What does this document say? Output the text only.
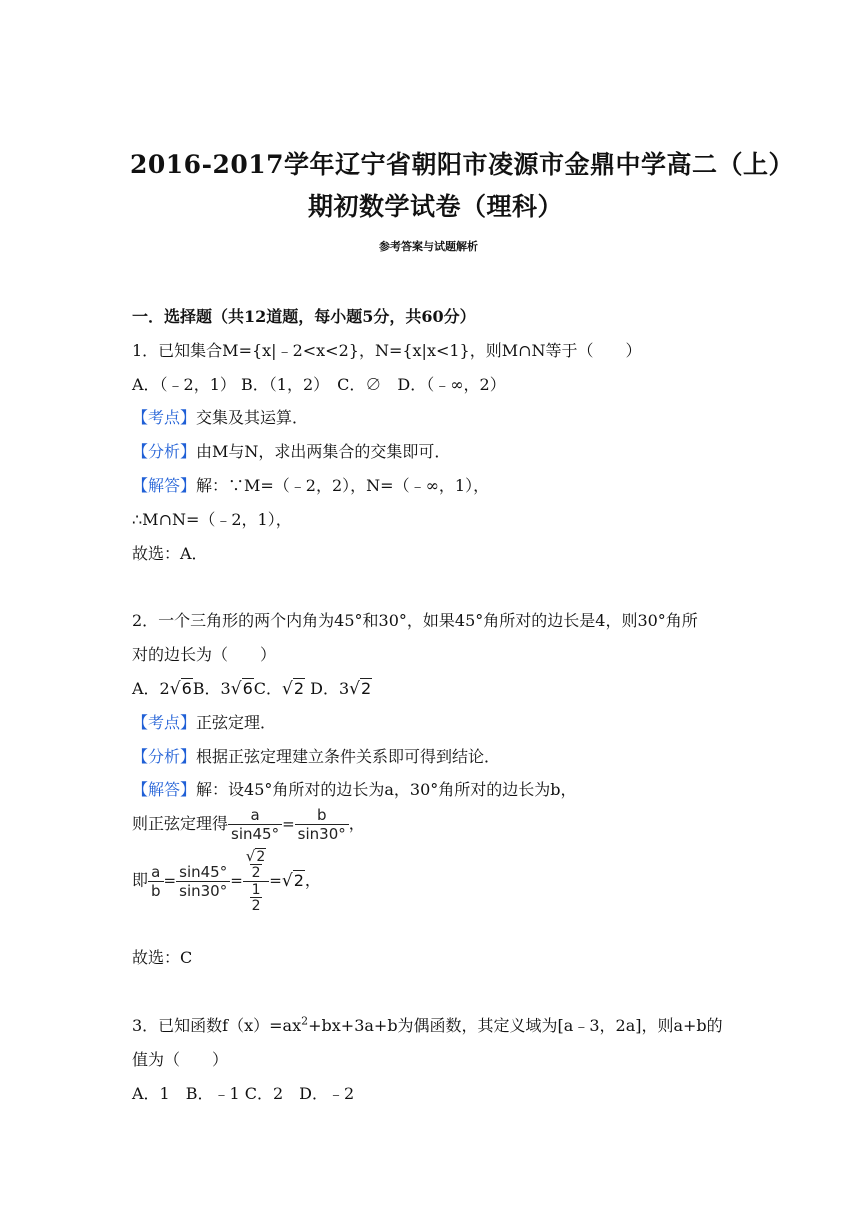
2016-2017学年辽宁省朝阳市凌源市金鼎中学高二（上）
期初数学试卷（理科）
参考答案与试题解析
一．选择题（共12道题，每小题5分，共60分）
1．已知集合M={x|﹣2<x<2}，N={x|x<1}，则M∩N等于（　　）
A．（﹣2，1） B．（1，2）　C．∅　D．（﹣∞，2）
【考点】交集及其运算．
【分析】由M与N，求出两集合的交集即可．
【解答】解：∵M=（﹣2，2），N=（﹣∞，1），
∴M∩N=（﹣2，1），
故选：A．
2．一个三角形的两个内角为45°和30°，如果45°角所对的边长是4，则30°角所
对的边长为（　　）
A．2√6B．3√6C．√2 D．3√2
【考点】正弦定理．
【分析】根据正弦定理建立条件关系即可得到结论．
【解答】解：设45°角所对的边长为a，30°角所对的边长为b，
则正弦定理得 $\frac{a}{\sin 45^\circ} = \frac{b}{\sin 30^\circ}$ ，
即 $\frac{a}{b} = \frac{\sin 45^\circ}{\sin 30^\circ}$ =
√2
2
1
2
=√2，
故选：C
3．已知函数$f(x)=ax^2+bx+3a+b$为偶函数，其定义域为[a﹣3，2a]，则a+b的
值为（　　）
A．1　B．﹣1 C．2　D．﹣2
